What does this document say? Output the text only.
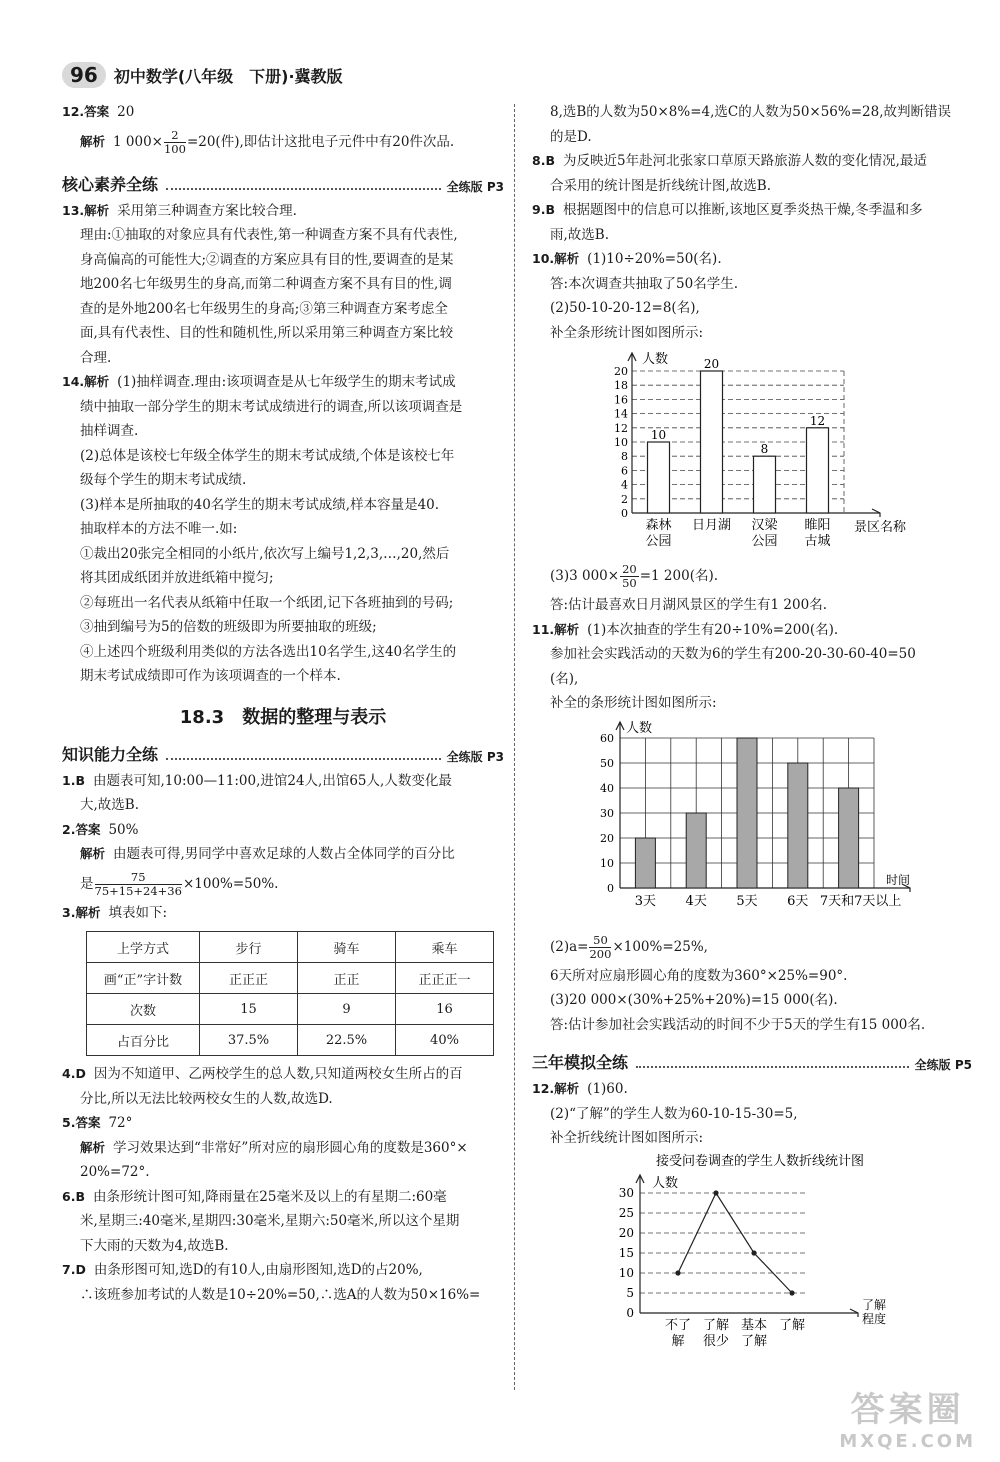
96	初中数学(八年级　下册)·冀教版

12.答案 20

解析 1 $000\times \frac{2}{100} =20$(件),即估计这批电子元件中有20件次品.

核心素养全练	全练版 P3

13.解析 采用第三种调查方案比较合理.

理由:①抽取的对象应具有代表性,第一种调查方案不具有代表性,

身高偏高的可能性大;②调查的方案应具有目的性,要调查的是某

地200名七年级男生的身高,而第二种调查方案不具有目的性,调

查的是外地200名七年级男生的身高;③第三种调查方案考虑全

面,具有代表性、目的性和随机性,所以采用第三种调查方案比较

合理.

14.解析 (1)抽样调查.理由:该项调查是从七年级学生的期末考试成

绩中抽取一部分学生的期末考试成绩进行的调查,所以该项调查是

抽样调查.

(2)总体是该校七年级全体学生的期末考试成绩,个体是该校七年

级每个学生的期末考试成绩.

(3)样本是所抽取的40名学生的期末考试成绩,样本容量是40.

抽取样本的方法不唯一.如:

①裁出20张完全相同的小纸片,依次写上编号1,2,3,…,20,然后

将其团成纸团并放进纸箱中搅匀;

②每班出一名代表从纸箱中任取一个纸团,记下各班抽到的号码;

③抽到编号为5的倍数的班级即为所要抽取的班级;

④上述四个班级利用类似的方法各选出10名学生,这40名学生的

期末考试成绩即可作为该项调查的一个样本.

18.3　数据的整理与表示
知识能力全练	全练版 P3

1.B 由题表可知,10:00—11:00,进馆24人,出馆65人,人数变化最

大,故选B.

2.答案 50%

解析 由题表可得,男同学中喜欢足球的人数占全体同学的百分比

是 $\frac{75}{75+15+24+36} \times 100\%=50\%$.

3.解析 填表如下:

上学方式	步行	骑车	乘车
画“正”字计数	正正正	正正	正正正一
次数	15	9	16
占百分比	37.5%	22.5%	40%

4.D 因为不知道甲、乙两校学生的总人数,只知道两校女生所占的百

分比,所以无法比较两校女生的人数,故选D.

5.答案 72°

解析 学习效果达到“非常好”所对应的扇形圆心角的度数是360°×

20%=72°.

6.B 由条形统计图可知,降雨量在25毫米及以上的有星期二:60毫

米,星期三:40毫米,星期四:30毫米,星期六:50毫米,所以这个星期

下大雨的天数为4,故选B.

7.D 由条形图可知,选D的有10人,由扇形图知,选D的占20%,

∴该班参加考试的人数是10÷20%=50,∴选A的人数为50×16%=

8,选B的人数为50×8%=4,选C的人数为50×56%=28,故判断错误

的是D.

8.B 为反映近5年赴河北张家口草原天路旅游人数的变化情况,最适

合采用的统计图是折线统计图,故选B.

9.B 根据题图中的信息可以推断,该地区夏季炎热干燥,冬季温和多

雨,故选B.

10.解析 (1)10÷20%=50(名).

答:本次调查共抽取了50名学生.

(2)50-10-20-12=8(名),

补全条形统计图如图所示:

0
2
4
6
8
10
12
14
16
18
20
人数
景区名称
10
森林
公园
20
日月湖
8
汉梁
公园
12
睢阳
古城

(3)3 $000\times \frac{20}{50} =1$ 200(名).

答:估计最喜欢日月湖风景区的学生有1 200名.

11.解析 (1)本次抽查的学生有20÷10%=200(名).

参加社会实践活动的天数为6的学生有200-20-30-60-40=50

(名),

补全的条形统计图如图所示:

0
10
20
30
40
50
60
人数
时间
3天 4天 5天 6天 7天和7天以上

$(2)a= \frac{50}{200} \times 100\%=25\%$,

6天所对应扇形圆心角的度数为360°×25%=90°.

(3)20 000×(30%+25%+20%)=15 000(名).

答:估计参加社会实践活动的时间不少于5天的学生有15 000名.

三年模拟全练	全练版 P5

12.解析 (1)60.

(2)“了解”的学生人数为60-10-15-30=5,

补全折线统计图如图所示:

接受问卷调查的学生人数折线统计图
0
5
10
15
20
25
30
人数
了解
程度
不了
解
了解
很少
基本
了解
了解
答案圈
MXQE.COM
